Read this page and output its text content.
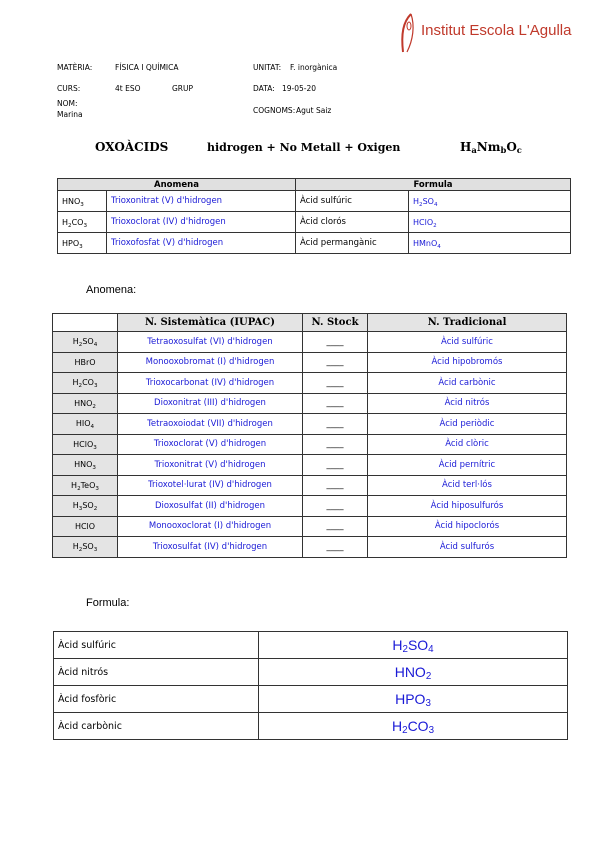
Institut Escola L'Agulla
MATÈRIA:	FÍSICA I QUÍMICA	UNITAT: F. inorgànica
CURS:	4t ESO	GRUP	DATA: 19-05-20
NOM:
Marina	COGNOMS: Agut Saiz
OXOÀCIDS	hidrogen + No Metall + Oxigen	$H_aNm_bO_c$
Anomena		Formula	
$HNO_3$	Trioxonitrat (V) d'hidrogen	Àcid sulfúric	$H_2SO_4$
$H_2CO_3$	Trioxoclorat (IV) d'hidrogen	Àcid clorós	HClO$_2$
$HPO_3$	Trioxofosfat (V) d'hidrogen	Àcid permangànic	HMnO$_4$
Anomena:
	N. Sistemàtica (IUPAC)	N. Stock	N. Tradicional
$H_2SO_4$	Tetraoxosulfat (VI) d'hidrogen	____	Àcid sulfúric
HBrO	Monooxobromat (I) d'hidrogen	____	Àcid hipobromós
$H_2CO_3$	Trioxocarbonat (IV) d'hidrogen	____	Àcid carbònic
$HNO_2$	Dioxonitrat (III) d'hidrogen	____	Àcid nitrós
$HIO_4$	Tetraoxoiodat (VII) d'hidrogen	____	Àcid periòdic
HClO$_3$	Trioxoclorat (V) d'hidrogen	____	Àcid clòric
$HNO_3$	Trioxonitrat (V) d'hidrogen	____	Àcid pernítric
$H_2TeO_3$	Trioxotel·lurat (IV) d'hidrogen	____	Àcid terl·lós
$H_3SO_2$	Dioxosulfat (II) d'hidrogen	____	Àcid hiposulfurós
HClO	Monooxoclorat (I) d'hidrogen	____	Àcid hipoclorós
$H_2SO_3$	Trioxosulfat (IV) d'hidrogen	____	Àcid sulfurós
Formula:
Àcid sulfúric	$H_2SO_4$
Àcid nitrós	$HNO_2$
Àcid fosfòric	$HPO_3$
Àcid carbònic	$H_2CO_3$
